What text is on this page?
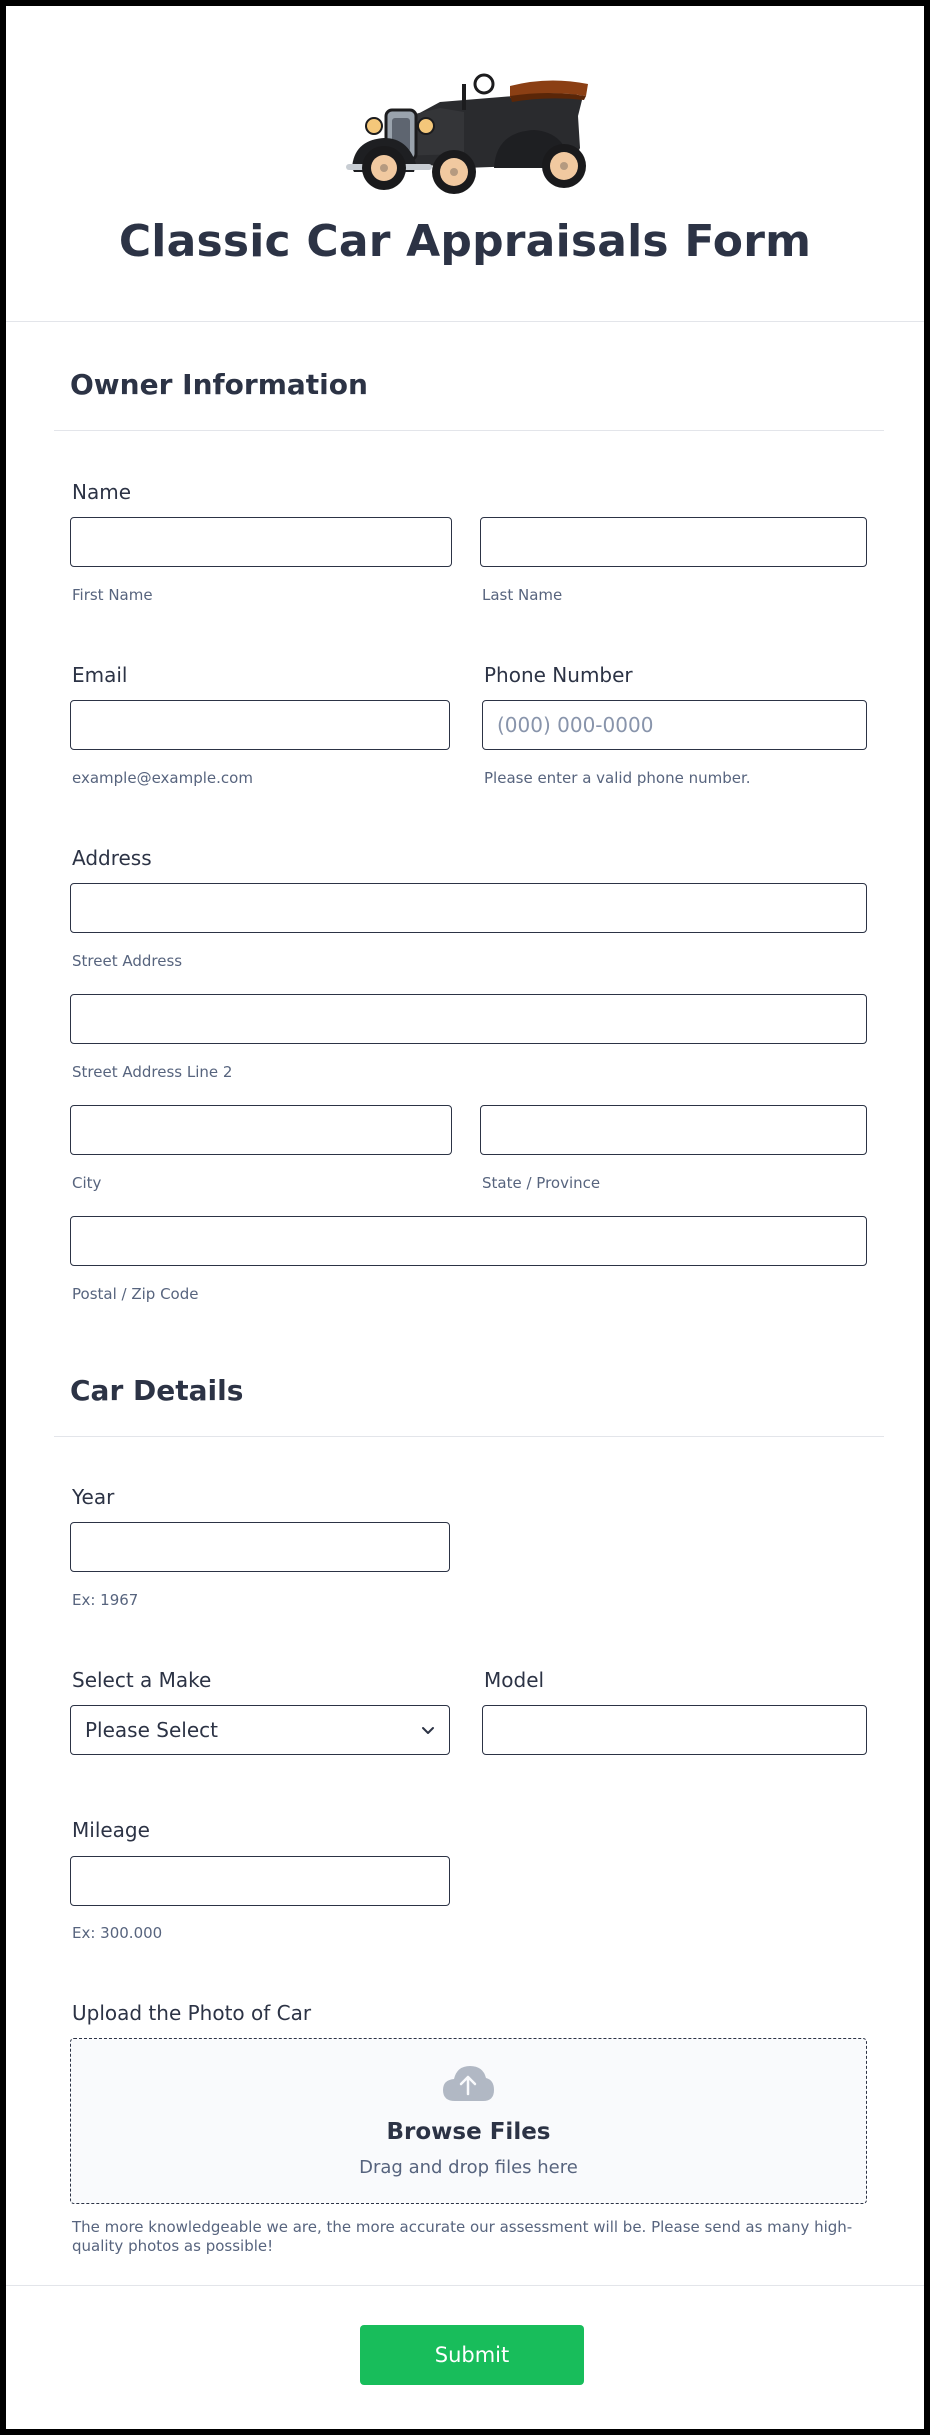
Classic Car Appraisals Form
Owner Information
Name
First Name	Last Name
Email
example@example.com
Phone Number
(000) 000-0000
Please enter a valid phone number.
Address
Street Address
Street Address Line 2
City	State / Province
Postal / Zip Code
Car Details
Year
Ex: 1967
Select a Make
Please Select
Model
Mileage
Ex: 300.000
Upload the Photo of Car
Browse Files
Drag and drop files here
The more knowledgeable we are, the more accurate our assessment will be. Please send as many high-quality photos as possible!
Submit
